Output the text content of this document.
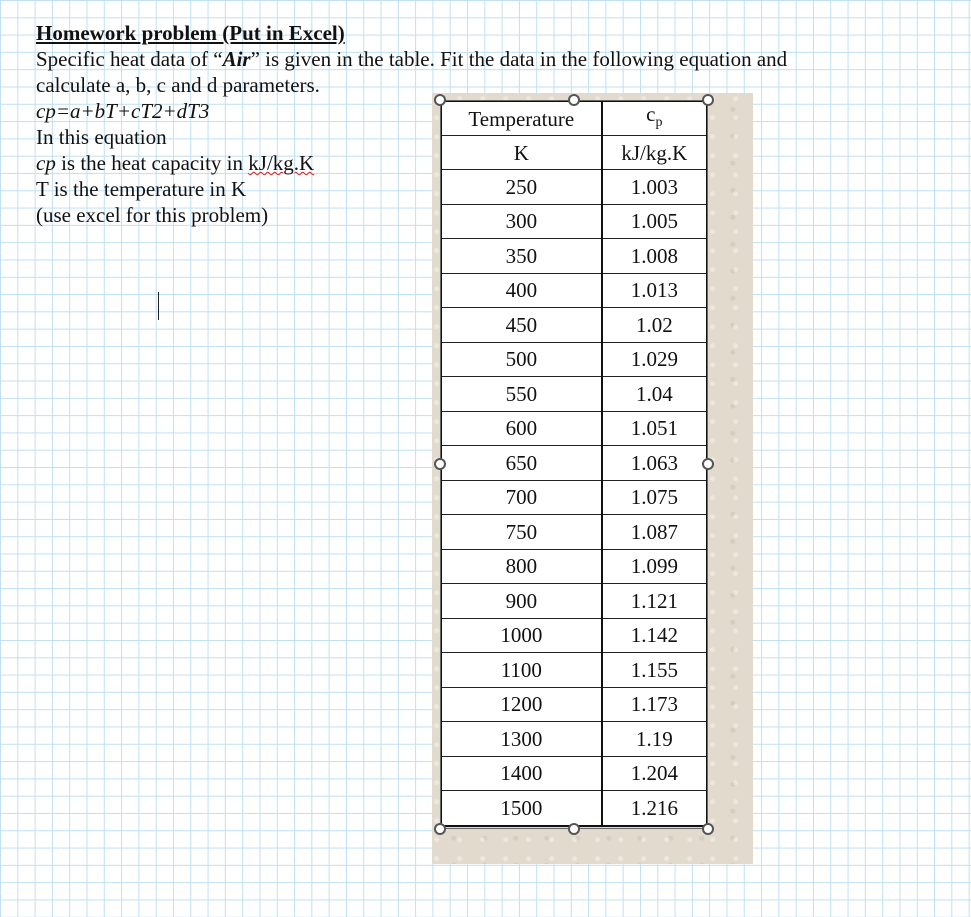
Homework problem (Put in Excel)
Specific heat data of “Air” is given in the table. Fit the data in the following equation and
calculate a, b, c and d parameters.
cp=a+bT+cT2+dT3
In this equation
cp is the heat capacity in kJ/kg.K
T is the temperature in K
(use excel for this problem)
Temperature	$c_p$
K	kJ/kg.K
250	1.003
300	1.005
350	1.008
400	1.013
450	1.02
500	1.029
550	1.04
600	1.051
650	1.063
700	1.075
750	1.087
800	1.099
900	1.121
1000	1.142
1100	1.155
1200	1.173
1300	1.19
1400	1.204
1500	1.216
